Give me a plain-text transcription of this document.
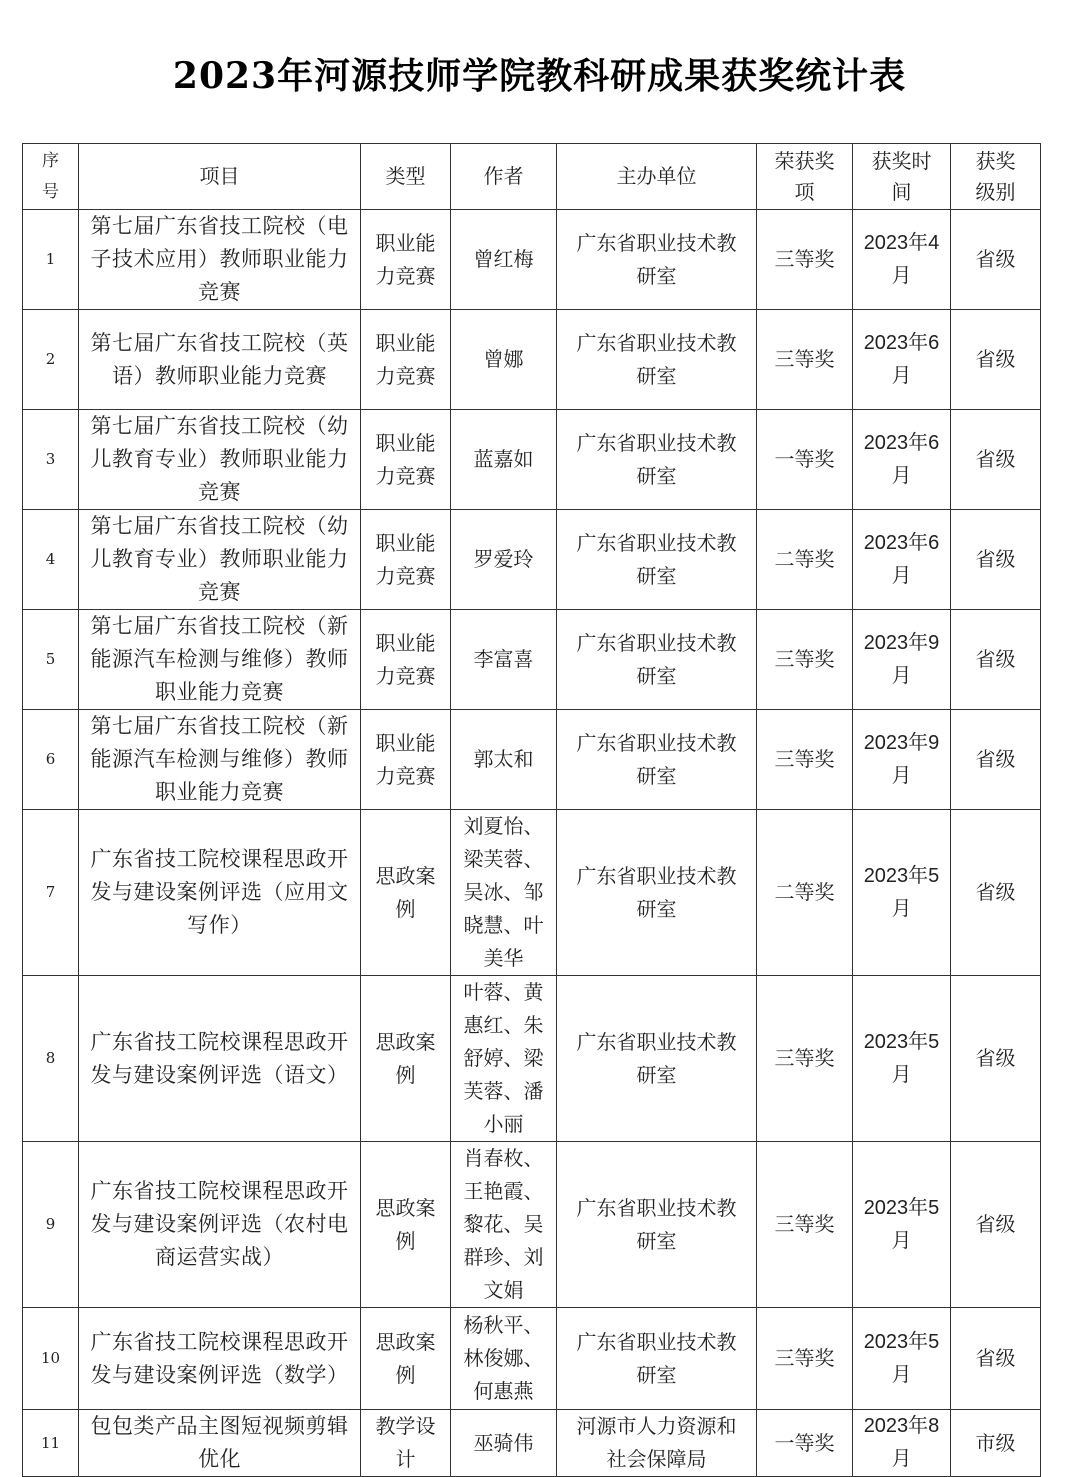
2023年河源技师学院教科研成果获奖统计表
序号	项目	类型	作者	主办单位	荣获奖项	获奖时间	获奖级别
1	第七届广东省技工院校（电子技术应用）教师职业能力竞赛	职业能力竞赛	曾红梅	广东省职业技术教研室	三等奖	2023年4月	省级
2	第七届广东省技工院校（英语）教师职业能力竞赛	职业能力竞赛	曾娜	广东省职业技术教研室	三等奖	2023年6月	省级
3	第七届广东省技工院校（幼儿教育专业）教师职业能力竞赛	职业能力竞赛	蓝嘉如	广东省职业技术教研室	一等奖	2023年6月	省级
4	第七届广东省技工院校（幼儿教育专业）教师职业能力竞赛	职业能力竞赛	罗爱玲	广东省职业技术教研室	二等奖	2023年6月	省级
5	第七届广东省技工院校（新能源汽车检测与维修）教师职业能力竞赛	职业能力竞赛	李富喜	广东省职业技术教研室	三等奖	2023年9月	省级
6	第七届广东省技工院校（新能源汽车检测与维修）教师职业能力竞赛	职业能力竞赛	郭太和	广东省职业技术教研室	三等奖	2023年9月	省级
7	广东省技工院校课程思政开发与建设案例评选（应用文写作）	思政案例	刘夏怡、梁芙蓉、吴冰、邹晓慧、叶美华	广东省职业技术教研室	二等奖	2023年5月	省级
8	广东省技工院校课程思政开发与建设案例评选（语文）	思政案例	叶蓉、黄惠红、朱舒婷、梁芙蓉、潘小丽	广东省职业技术教研室	三等奖	2023年5月	省级
9	广东省技工院校课程思政开发与建设案例评选（农村电商运营实战）	思政案例	肖春枚、王艳霞、黎花、吴群珍、刘文娟	广东省职业技术教研室	三等奖	2023年5月	省级
10	广东省技工院校课程思政开发与建设案例评选（数学）	思政案例	杨秋平、林俊娜、何惠燕	广东省职业技术教研室	三等奖	2023年5月	省级
11	包包类产品主图短视频剪辑优化	教学设计	巫骑伟	河源市人力资源和社会保障局	一等奖	2023年8月	市级
